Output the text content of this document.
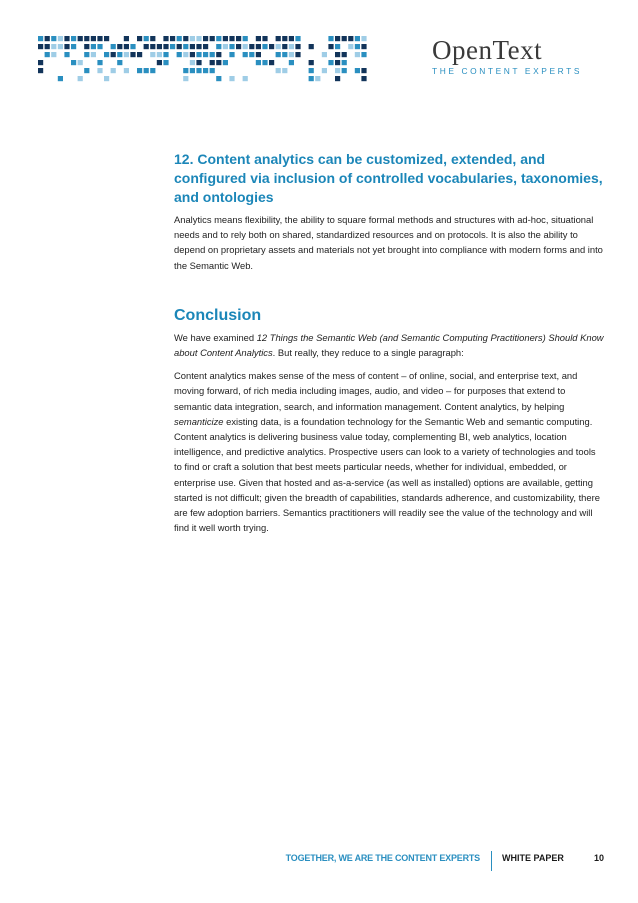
OpenText
THE CONTENT EXPERTS
12. Content analytics can be customized, extended, and configured via inclusion of controlled vocabularies, taxonomies, and ontologies

Analytics means flexibility, the ability to square formal methods and structures with ad-hoc, situational needs and to rely both on shared, standardized resources and on protocols. It is also the ability to depend on proprietary assets and materials not yet brought into compliance with modern forms and into the Semantic Web.

Conclusion

We have examined 12 Things the Semantic Web (and Semantic Computing Practitioners) Should Know about Content Analytics. But really, they reduce to a single paragraph:

Content analytics makes sense of the mess of content – of online, social, and enterprise text, and moving forward, of rich media including images, audio, and video – for purposes that extend to semantic data integration, search, and information management. Content analytics, by helping semanticize existing data, is a foundation technology for the Semantic Web and semantic computing. Content analytics is delivering business value today, complementing BI, web analytics, location intelligence, and predictive analytics. Prospective users can look to a variety of technologies and tools to find or craft a solution that best meets particular needs, whether for individual, embedded, or enterprise use. Given that hosted and as-a-service (as well as installed) options are available, getting started is not difficult; given the breadth of capabilities, standards adherence, and customizability, there are few adoption barriers. Semantics practitioners will readily see the value of the technology and will find it well worth trying.

TOGETHER, WE ARE THE CONTENT EXPERTS WHITE PAPER	10
